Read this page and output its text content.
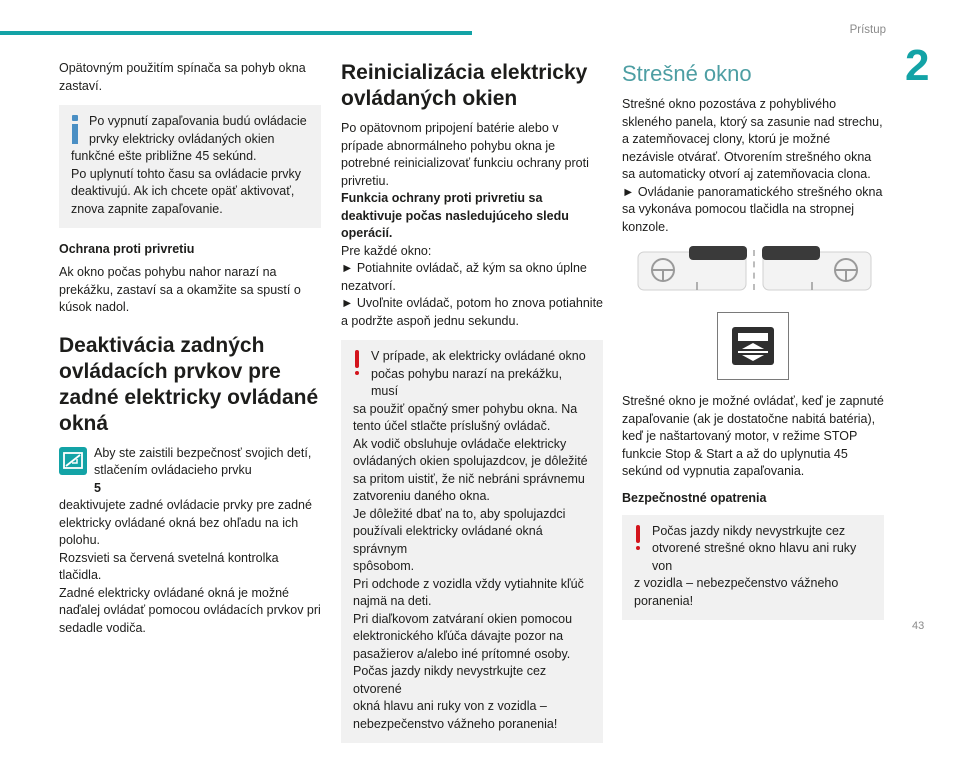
Prístup
2

Opätovným použitím spínača sa pohyb okna zastaví.

Po vypnutí zapaľovania budú ovládacie
prvky elektricky ovládaných okien
funkčné ešte približne 45 sekúnd.
Po uplynutí tohto času sa ovládacie prvky
deaktivujú. Ak ich chcete opäť aktivovať,
znova zapnite zapaľovanie.
Ochrana proti privretiu

Ak okno počas pohybu nahor narazí na prekážku, zastaví sa a okamžite sa spustí o kúsok nadol.

Deaktivácia zadných ovládacích prvkov pre zadné elektricky ovládané okná
Aby ste zaistili bezpečnosť svojich detí,
stlačením ovládacieho prvku
5
deaktivujete zadné ovládacie prvky pre zadné
elektricky ovládané okná bez ohľadu na ich
polohu.
Rozsvieti sa červená svetelná kontrolka tlačidla.
Zadné elektricky ovládané okná je možné
naďalej ovládať pomocou ovládacích prvkov pri
sedadle vodiča.
Reinicializácia elektricky ovládaných okien

Po opätovnom pripojení batérie alebo v prípade abnormálneho pohybu okna je potrebné reinicializovať funkciu ochrany proti privretiu.

Funkcia ochrany proti privretiu sa deaktivuje počas nasledujúceho sledu operácií.

Pre každé okno:

► Potiahnite ovládač, až kým sa okno úplne nezatvorí.

► Uvoľnite ovládač, potom ho znova potiahnite a podržte aspoň jednu sekundu.

V prípade, ak elektricky ovládané okno
počas pohybu narazí na prekážku, musí
sa použiť opačný smer pohybu okna. Na
tento účel stlačte príslušný ovládač.
Ak vodič obsluhuje ovládače elektricky
ovládaných okien spolujazdcov, je dôležité
sa pritom uistiť, že nič nebráni správnemu
zatvoreniu daného okna.
Je dôležité dbať na to, aby spolujazdci
používali elektricky ovládané okná správnym
spôsobom.
Pri odchode z vozidla vždy vytiahnite kľúč
najmä na deti.
Pri diaľkovom zatváraní okien pomocou
elektronického kľúča dávajte pozor na
pasažierov a/alebo iné prítomné osoby.
Počas jazdy nikdy nevystrkujte cez otvorené
okná hlavu ani ruky von z vozidla –
nebezpečenstvo vážneho poranenia!
Strešné okno

Strešné okno pozostáva z pohyblivého skleného panela, ktorý sa zasunie nad strechu, a zatemňovacej clony, ktorú je možné nezávisle otvárať. Otvorením strešného okna sa automaticky otvorí aj zatemňovacia clona.

► Ovládanie panoramatického strešného okna sa vykonáva pomocou tlačidla na stropnej konzole.

Strešné okno je možné ovládať, keď je zapnuté zapaľovanie (ak je dostatočne nabitá batéria), keď je naštartovaný motor, v režime STOP funkcie Stop & Start a až do uplynutia 45 sekúnd od vypnutia zapaľovania.

Bezpečnostné opatrenia
Počas jazdy nikdy nevystrkujte cez
otvorené strešné okno hlavu ani ruky von
z vozidla – nebezpečenstvo vážneho
poranenia!
43
